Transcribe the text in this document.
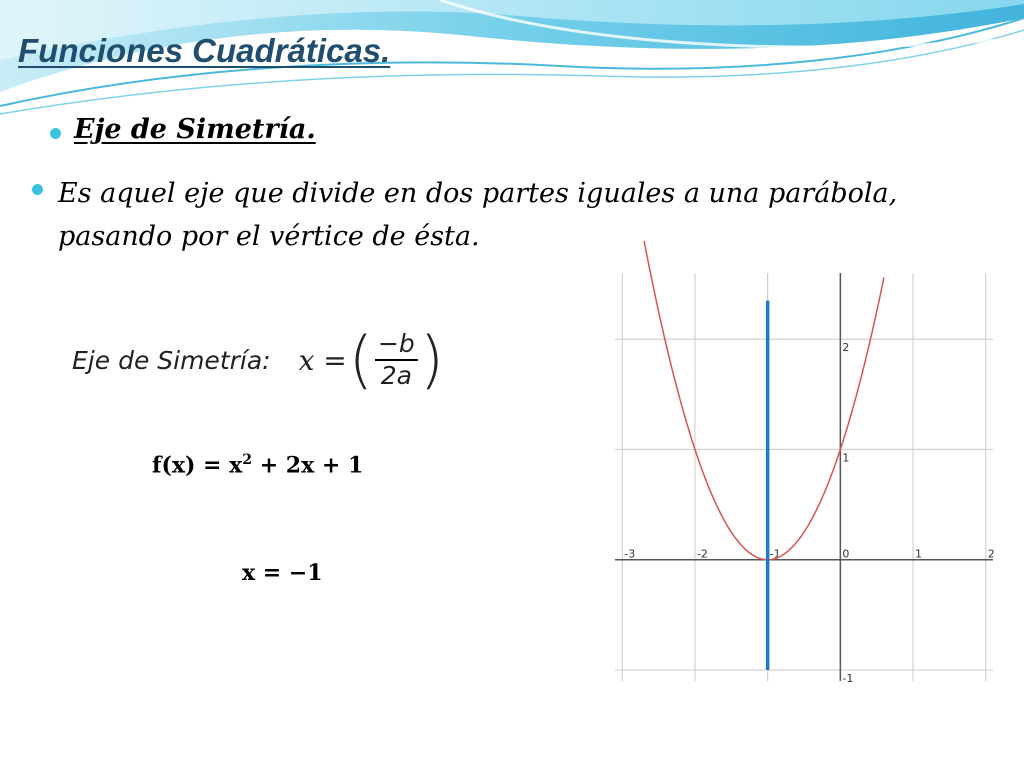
Funciones Cuadráticas.
Eje de Simetría.
Es aquel eje que divide en dos partes iguales a una parábola, pasando por el vértice de ésta.
Eje de Simetría: x = ( $\frac{-b}{2a}$ )
$f(x) = x^2 + 2x + 1$
x = −1
-3	-2	-1	0	1	2
-1
1
2
